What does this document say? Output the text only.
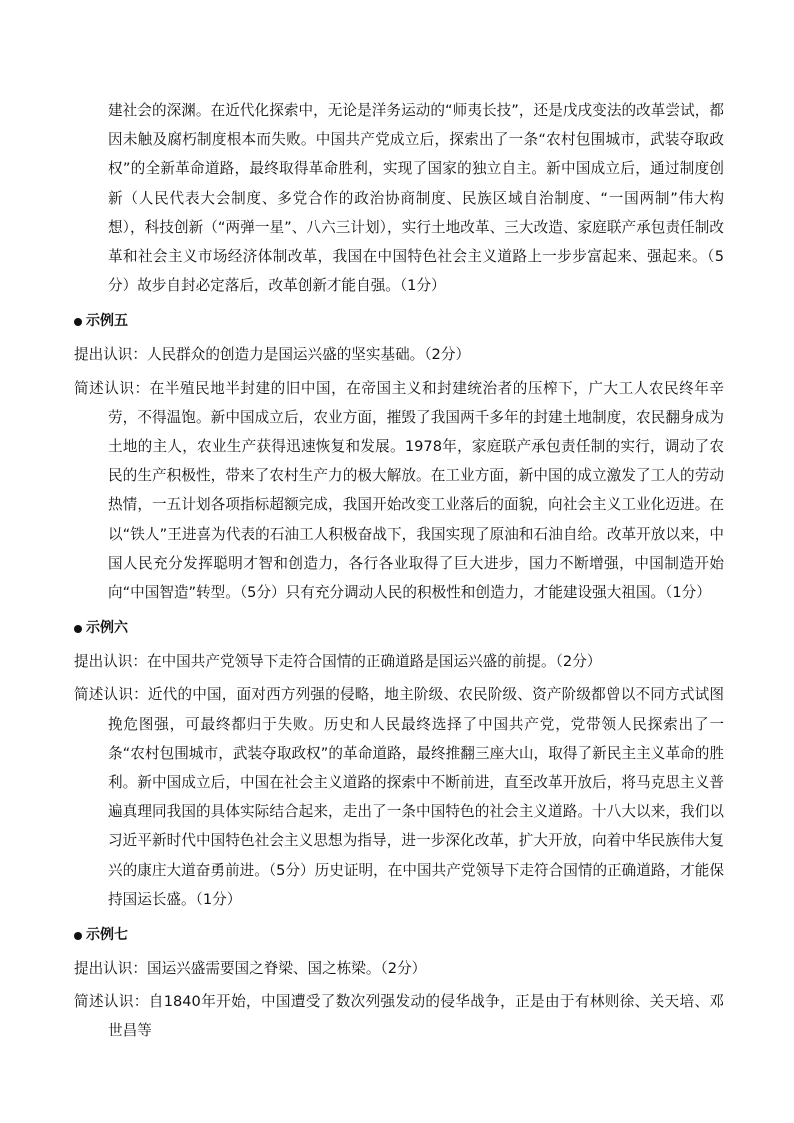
建社会的深渊。在近代化探索中，无论是洋务运动的“师夷长技”，还是戊戌变法的改革尝试，都因未触及腐朽制度根本而失败。中国共产党成立后，探索出了一条“农村包围城市，武装夺取政权”的全新革命道路，最终取得革命胜利，实现了国家的独立自主。新中国成立后，通过制度创新（人民代表大会制度、多党合作的政治协商制度、民族区域自治制度、“一国两制”伟大构想），科技创新（“两弹一星”、八六三计划），实行土地改革、三大改造、家庭联产承包责任制改革和社会主义市场经济体制改革，我国在中国特色社会主义道路上一步步富起来、强起来。（5分）故步自封必定落后，改革创新才能自强。（1分）

示例五

提出认识：人民群众的创造力是国运兴盛的坚实基础。（2分）

简述认识：在半殖民地半封建的旧中国，在帝国主义和封建统治者的压榨下，广大工人农民终年辛劳，不得温饱。新中国成立后，农业方面，摧毁了我国两千多年的封建土地制度，农民翻身成为土地的主人，农业生产获得迅速恢复和发展。1978年，家庭联产承包责任制的实行，调动了农民的生产积极性，带来了农村生产力的极大解放。在工业方面，新中国的成立激发了工人的劳动热情，一五计划各项指标超额完成，我国开始改变工业落后的面貌，向社会主义工业化迈进。在以“铁人”王进喜为代表的石油工人积极奋战下，我国实现了原油和石油自给。改革开放以来，中国人民充分发挥聪明才智和创造力，各行各业取得了巨大进步，国力不断增强，中国制造开始向“中国智造”转型。（5分）只有充分调动人民的积极性和创造力，才能建设强大祖国。（1分）

示例六

提出认识：在中国共产党领导下走符合国情的正确道路是国运兴盛的前提。（2分）

简述认识：近代的中国，面对西方列强的侵略，地主阶级、农民阶级、资产阶级都曾以不同方式试图挽危图强，可最终都归于失败。历史和人民最终选择了中国共产党，党带领人民探索出了一条“农村包围城市，武装夺取政权”的革命道路，最终推翻三座大山，取得了新民主主义革命的胜利。新中国成立后，中国在社会主义道路的探索中不断前进，直至改革开放后，将马克思主义普遍真理同我国的具体实际结合起来，走出了一条中国特色的社会主义道路。十八大以来，我们以习近平新时代中国特色社会主义思想为指导，进一步深化改革，扩大开放，向着中华民族伟大复兴的康庄大道奋勇前进。（5分）历史证明，在中国共产党领导下走符合国情的正确道路，才能保持国运长盛。（1分）

示例七

提出认识：国运兴盛需要国之脊梁、国之栋梁。（2分）

简述认识：自1840年开始，中国遭受了数次列强发动的侵华战争，正是由于有林则徐、关天培、邓世昌等
